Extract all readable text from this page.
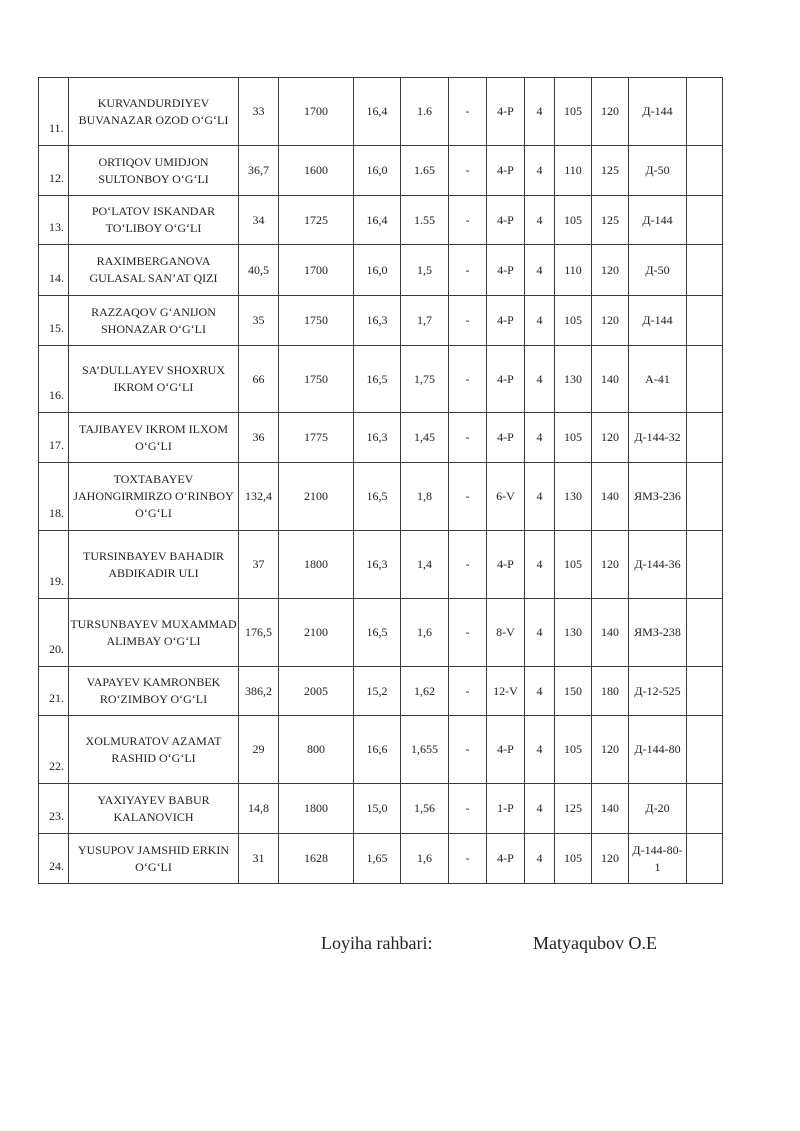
11.	KURVANDURDIYEV BUVANAZAR OZOD O‘G‘LI	33	1700	16,4	1.6	-	4-P	4	105	120	Д-144	
12.	ORTIQOV UMIDJON SULTONBOY O‘G‘LI	36,7	1600	16,0	1.65	-	4-P	4	110	125	Д-50	
13.	PO‘LATOV ISKANDAR TO‘LIBOY O‘G‘LI	34	1725	16,4	1.55	-	4-P	4	105	125	Д-144	
14.	RAXIMBERGANOVA GULASAL SAN’AT QIZI	40,5	1700	16,0	1,5	-	4-P	4	110	120	Д-50	
15.	RAZZAQOV G‘ANIJON SHONAZAR O‘G‘LI	35	1750	16,3	1,7	-	4-P	4	105	120	Д-144	
16.	SA’DULLAYEV SHOXRUX IKROM O‘G‘LI	66	1750	16,5	1,75	-	4-P	4	130	140	A-41	
17.	TAJIBAYEV IKROM ILXOM O‘G‘LI	36	1775	16,3	1,45	-	4-P	4	105	120	Д-144-32	
18.	TOXTABAYEV JAHONGIRMIRZO O‘RINBOY O‘G‘LI	132,4	2100	16,5	1,8	-	6-V	4	130	140	ЯМЗ-236	
19.	TURSINBAYEV BAHADIR ABDIKADIR ULI	37	1800	16,3	1,4	-	4-P	4	105	120	Д-144-36	
20.	TURSUNBAYEV MUXAMMAD ALIMBAY O‘G‘LI	176,5	2100	16,5	1,6	-	8-V	4	130	140	ЯМЗ-238	
21.	VAPAYEV KAMRONBEK RO‘ZIMBOY O‘G‘LI	386,2	2005	15,2	1,62	-	12-V	4	150	180	Д-12-525	
22.	XOLMURATOV AZAMAT RASHID O‘G‘LI	29	800	16,6	1,655	-	4-P	4	105	120	Д-144-80	
23.	YAXIYAYEV BABUR KALANOVICH	14,8	1800	15,0	1,56	-	1-P	4	125	140	Д-20	
24.	YUSUPOV JAMSHID ERKIN O‘G‘LI	31	1628	1,65	1,6	-	4-P	4	105	120	Д-144-80-1	
Loyiha rahbari:	Matyaqubov O.E
